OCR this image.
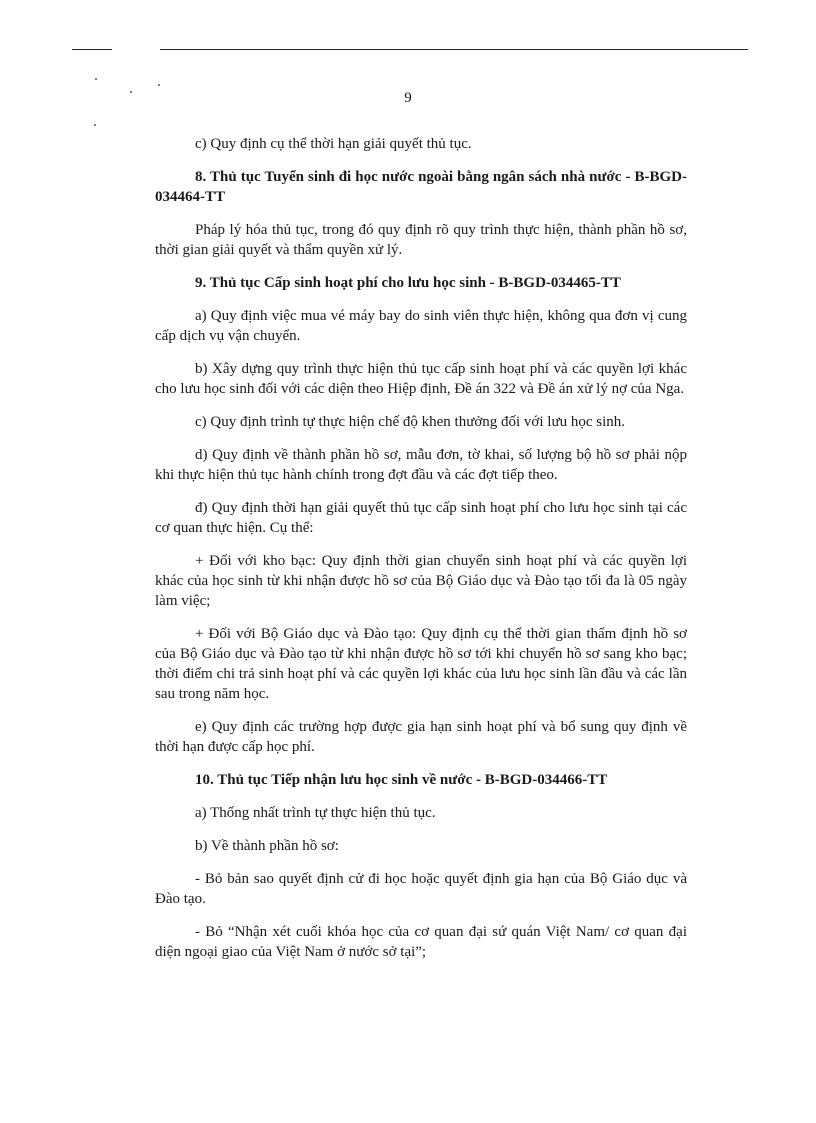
9

c) Quy định cụ thể thời hạn giải quyết thủ tục.

8. Thủ tục Tuyển sinh đi học nước ngoài bằng ngân sách nhà nước - B-BGD-034464-TT

Pháp lý hóa thủ tục, trong đó quy định rõ quy trình thực hiện, thành phần hồ sơ, thời gian giải quyết và thẩm quyền xử lý.

9. Thủ tục Cấp sinh hoạt phí cho lưu học sinh - B-BGD-034465-TT

a) Quy định việc mua vé máy bay do sinh viên thực hiện, không qua đơn vị cung cấp dịch vụ vận chuyển.

b) Xây dựng quy trình thực hiện thủ tục cấp sinh hoạt phí và các quyền lợi khác cho lưu học sinh đối với các diện theo Hiệp định, Đề án 322 và Đề án xử lý nợ của Nga.

c) Quy định trình tự thực hiện chế độ khen thưởng đối với lưu học sinh.

d) Quy định về thành phần hồ sơ, mẫu đơn, tờ khai, số lượng bộ hồ sơ phải nộp khi thực hiện thủ tục hành chính trong đợt đầu và các đợt tiếp theo.

đ) Quy định thời hạn giải quyết thủ tục cấp sinh hoạt phí cho lưu học sinh tại các cơ quan thực hiện. Cụ thể:

+ Đối với kho bạc: Quy định thời gian chuyển sinh hoạt phí và các quyền lợi khác của học sinh từ khi nhận được hồ sơ của Bộ Giáo dục và Đào tạo tối đa là 05 ngày làm việc;

+ Đối với Bộ Giáo dục và Đào tạo: Quy định cụ thể thời gian thẩm định hồ sơ của Bộ Giáo dục và Đào tạo từ khi nhận được hồ sơ tới khi chuyển hồ sơ sang kho bạc; thời điểm chi trả sinh hoạt phí và các quyền lợi khác của lưu học sinh lần đầu và các lần sau trong năm học.

e) Quy định các trường hợp được gia hạn sinh hoạt phí và bổ sung quy định về thời hạn được cấp học phí.

10. Thủ tục Tiếp nhận lưu học sinh về nước - B-BGD-034466-TT

a) Thống nhất trình tự thực hiện thủ tục.

b) Về thành phần hồ sơ:

- Bỏ bản sao quyết định cử đi học hoặc quyết định gia hạn của Bộ Giáo dục và Đào tạo.

- Bỏ “Nhận xét cuối khóa học của cơ quan đại sứ quán Việt Nam/ cơ quan đại diện ngoại giao của Việt Nam ở nước sở tại”;
